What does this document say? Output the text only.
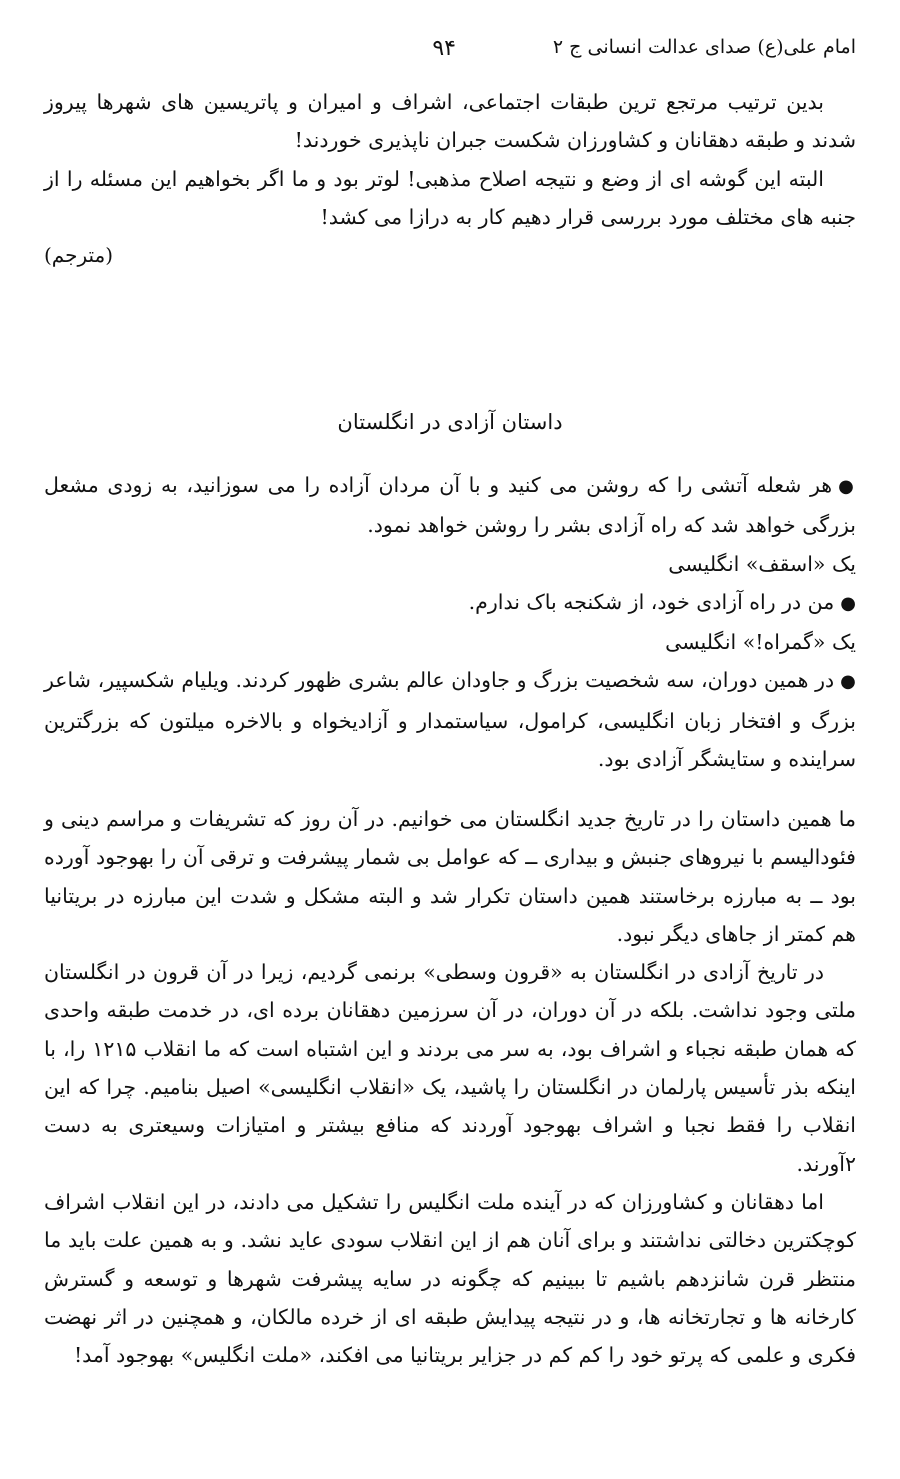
امام علی(ع) صدای عدالت انسانی ج ۲
۹۴

بدین ترتیب مرتجع ترین طبقات اجتماعی، اشراف و امیران و پاتریسین های شهرها پیروز شدند و طبقه دهقانان و کشاورزان شکست جبران ناپذیری خوردند!

البته این گوشه ای از وضع و نتیجه اصلاح مذهبی! لوتر بود و ما اگر بخواهیم این مسئله را از جنبه های مختلف مورد بررسی قرار دهیم کار به درازا می کشد!

(مترجم)

داستان آزادی در انگلستان

●هر شعله آتشی را که روشن می کنید و با آن مردان آزاده را می سوزانید، به زودی مشعل بزرگی خواهد شد که راه آزادی بشر را روشن خواهد نمود.

یک «اسقف» انگلیسی

●من در راه آزادی خود، از شکنجه باک ندارم.

یک «گمراه!» انگلیسی

●در همین دوران، سه شخصیت بزرگ و جاودان عالم بشری ظهور کردند. ویلیام شکسپیر، شاعر بزرگ و افتخار زبان انگلیسی، کرامول، سیاستمدار و آزادیخواه و بالاخره میلتون که بزرگترین سراینده و ستایشگر آزادی بود.

ما همین داستان را در تاریخ جدید انگلستان می خوانیم. در آن روز که تشریفات و مراسم دینی و فئودالیسم با نیروهای جنبش و بیداری ــ که عوامل بی شمار پیشرفت و ترقی آن را بهوجود آورده بود ــ به مبارزه برخاستند همین داستان تکرار شد و البته مشکل و شدت این مبارزه در بریتانیا هم کمتر از جاهای دیگر نبود.

در تاریخ آزادی در انگلستان به «قرون وسطی» برنمی گردیم، زیرا در آن قرون در انگلستان ملتی وجود نداشت. بلکه در آن دوران، در آن سرزمین دهقانان برده ای، در خدمت طبقه واحدی که همان طبقه نجباء و اشراف بود، به سر می بردند و این اشتباه است که ما انقلاب ۱۲۱۵ را، با اینکه بذر تأسیس پارلمان در انگلستان را پاشید، یک «انقلاب انگلیسی» اصیل بنامیم. چرا که این انقلاب را فقط نجبا و اشراف بهوجود آوردند که منافع بیشتر و امتیازات وسیعتری به دست ۲آورند.

اما دهقانان و کشاورزان که در آینده ملت انگلیس را تشکیل می دادند، در این انقلاب اشراف کوچکترین دخالتی نداشتند و برای آنان هم از این انقلاب سودی عاید نشد. و به همین علت باید ما منتظر قرن شانزدهم باشیم تا ببینیم که چگونه در سایه پیشرفت شهرها و توسعه و گسترش کارخانه ها و تجارتخانه ها، و در نتیجه پیدایش طبقه ای از خرده مالکان، و همچنین در اثر نهضت فکری و علمی که پرتو خود را کم کم در جزایر بریتانیا می افکند، «ملت انگلیس» بهوجود آمد!
